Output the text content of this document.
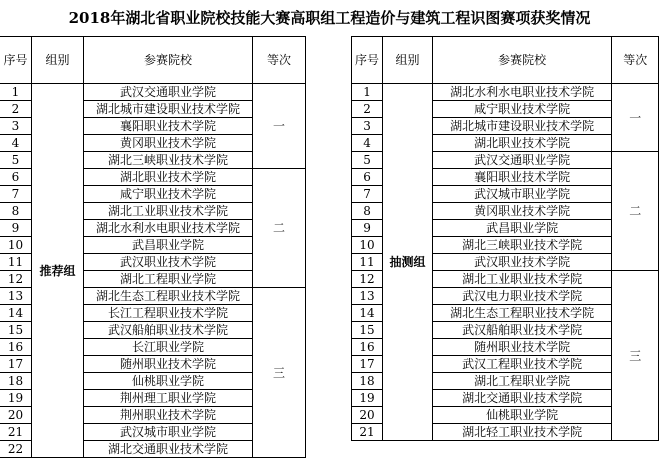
2018年湖北省职业院校技能大赛高职组工程造价与建筑工程识图赛项获奖情况
序号	组别	参赛院校	等次
1	推荐组	武汉交通职业学院	一
2		湖北城市建设职业技术学院	
3		襄阳职业技术学院	
4		黄冈职业技术学院	
5		湖北三峡职业技术学院	
6		湖北职业技术学院	二
7		咸宁职业技术学院	
8		湖北工业职业技术学院	
9		湖北水利水电职业技术学院	
10		武昌职业学院	
11		武汉职业技术学院	
12		湖北工程职业学院	
13		湖北生态工程职业技术学院	三
14		长江工程职业技术学院	
15		武汉船舶职业技术学院	
16		长江职业学院	
17		随州职业技术学院	
18		仙桃职业学院	
19		荆州理工职业学院	
20		荆州职业技术学院	
21		武汉城市职业学院	
22		湖北交通职业技术学院	
序号	组别	参赛院校	等次
1	抽测组	湖北水利水电职业技术学院	一
2		咸宁职业技术学院	
3		湖北城市建设职业技术学院	
4		湖北职业技术学院	
5		武汉交通职业学院	二
6		襄阳职业技术学院	
7		武汉城市职业学院	
8		黄冈职业技术学院	
9		武昌职业学院	
10		湖北三峡职业技术学院	
11		武汉职业技术学院	
12		湖北工业职业技术学院	三
13		武汉电力职业技术学院	
14		湖北生态工程职业技术学院	
15		武汉船舶职业技术学院	
16		随州职业技术学院	
17		武汉工程职业技术学院	
18		湖北工程职业学院	
19		湖北交通职业技术学院	
20		仙桃职业学院	
21		湖北轻工职业技术学院	
